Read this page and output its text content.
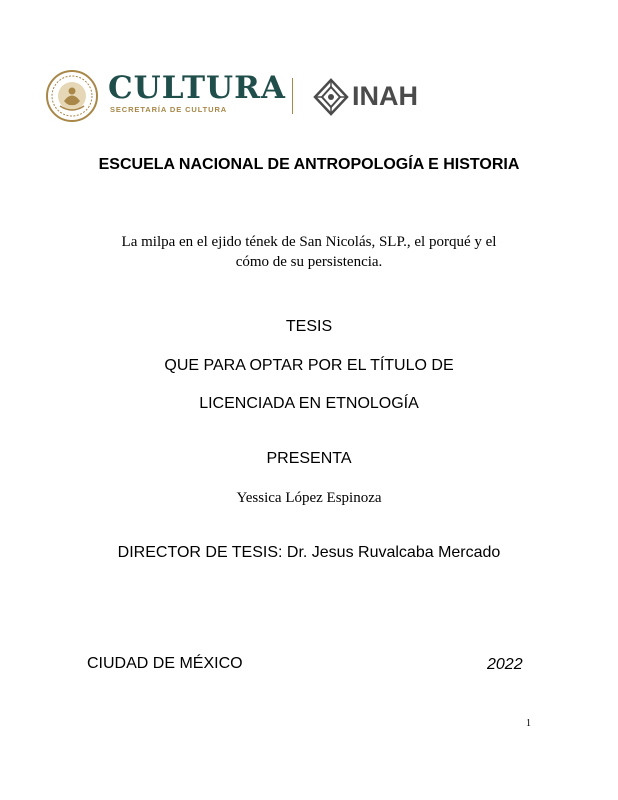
CULTURA
SECRETARÍA DE CULTURA	INAH
ESCUELA NACIONAL DE ANTROPOLOGÍA E HISTORIA
La milpa en el ejido tének de San Nicolás, SLP., el porqué y el
cómo de su persistencia.
TESIS
QUE PARA OPTAR POR EL TÍTULO DE
LICENCIADA EN ETNOLOGÍA
PRESENTA
Yessica López Espinoza
DIRECTOR DE TESIS: Dr. Jesus Ruvalcaba Mercado
CIUDAD DE MÉXICO	2022
1
